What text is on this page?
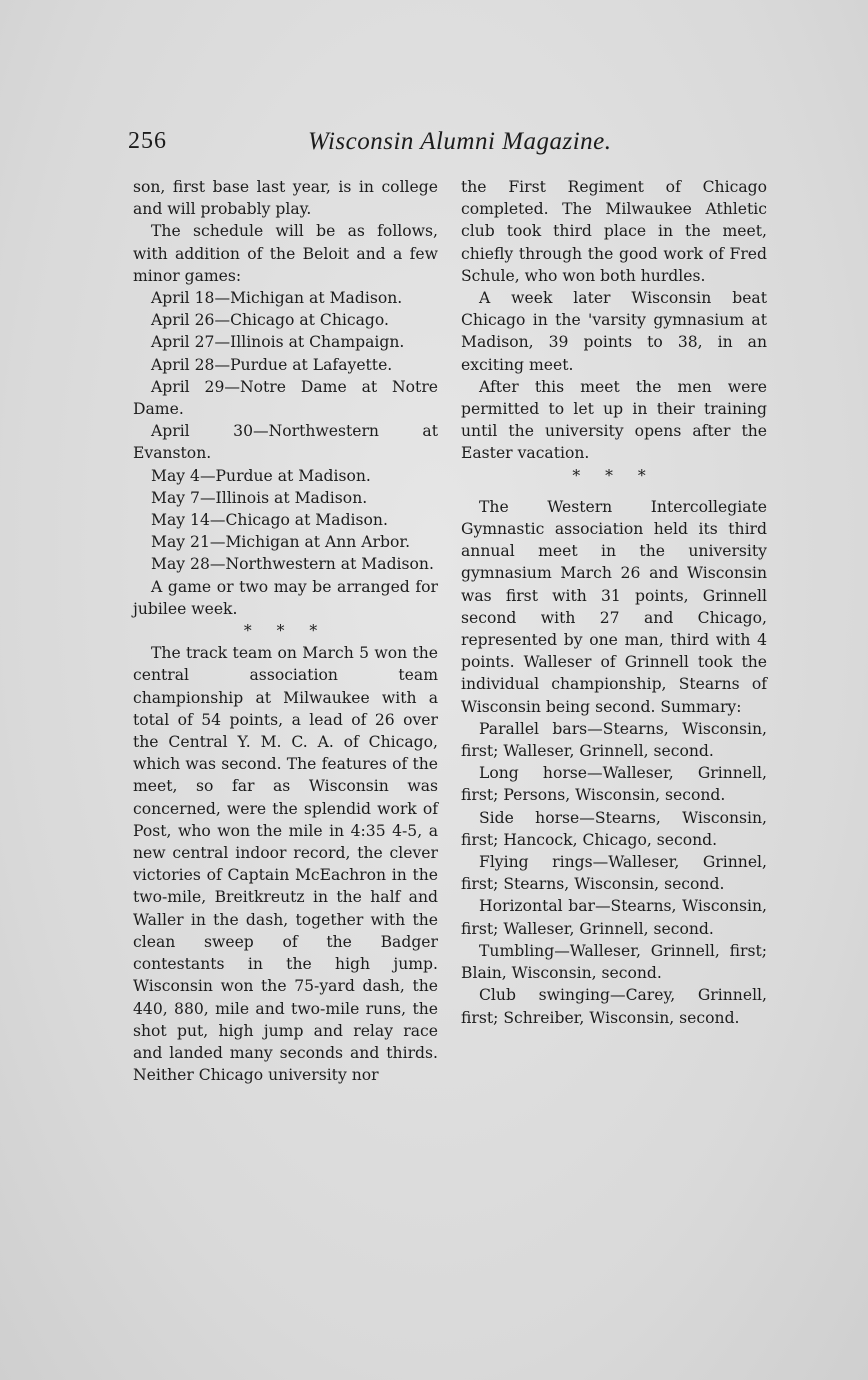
256	Wisconsin Alumni Magazine.

son, first base last year, is in college and will probably play.

The schedule will be as follows, with addition of the Beloit and a few minor games:

April 18—Michigan at Madison.

April 26—Chicago at Chicago.

April 27—Illinois at Champaign.

April 28—Purdue at Lafayette.

April 29—Notre Dame at Notre Dame.

April 30—Northwestern at Evanston.

May 4—Purdue at Madison.

May 7—Illinois at Madison.

May 14—Chicago at Madison.

May 21—Michigan at Ann Arbor.

May 28—Northwestern at Madison.

A game or two may be arranged for jubilee week.

* * *

The track team on March 5 won the central association team championship at Milwaukee with a total of 54 points, a lead of 26 over the Central Y. M. C. A. of Chicago, which was second. The features of the meet, so far as Wisconsin was concerned, were the splendid work of Post, who won the mile in 4:35 4-5, a new central indoor record, the clever victories of Captain McEachron in the two-mile, Breitkreutz in the half and Waller in the dash, together with the clean sweep of the Badger contestants in the high jump. Wisconsin won the 75-yard dash, the 440, 880, mile and two-mile runs, the shot put, high jump and relay race and landed many seconds and thirds. Neither Chicago university nor

the First Regiment of Chicago completed. The Milwaukee Athletic club took third place in the meet, chiefly through the good work of Fred Schule, who won both hurdles.

A week later Wisconsin beat Chicago in the 'varsity gymnasium at Madison, 39 points to 38, in an exciting meet.

After this meet the men were permitted to let up in their training until the university opens after the Easter vacation.

* * *

The Western Intercollegiate Gymnastic association held its third annual meet in the university gymnasium March 26 and Wisconsin was first with 31 points, Grinnell second with 27 and Chicago, represented by one man, third with 4 points. Walleser of Grinnell took the individual championship, Stearns of Wisconsin being second. Summary:

Parallel bars—Stearns, Wisconsin, first; Walleser, Grinnell, second.

Long horse—Walleser, Grinnell, first; Persons, Wisconsin, second.

Side horse—Stearns, Wisconsin, first; Hancock, Chicago, second.

Flying rings—Walleser, Grinnel, first; Stearns, Wisconsin, second.

Horizontal bar—Stearns, Wisconsin, first; Walleser, Grinnell, second.

Tumbling—Walleser, Grinnell, first; Blain, Wisconsin, second.

Club swinging—Carey, Grinnell, first; Schreiber, Wisconsin, second.
